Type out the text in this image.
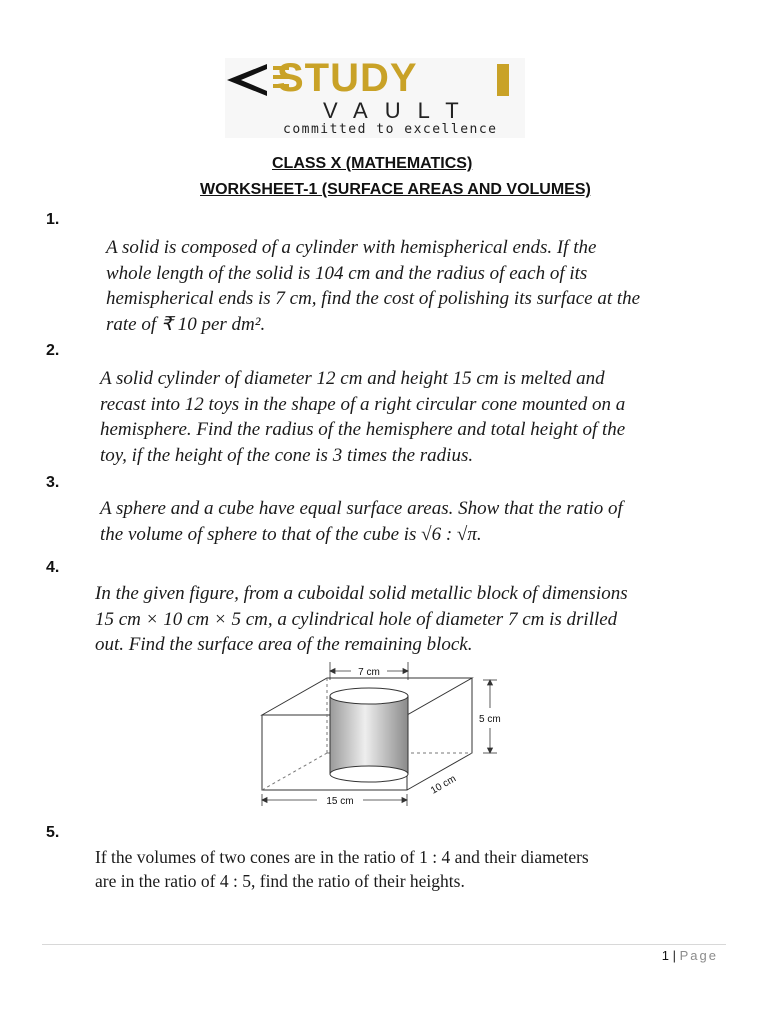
STUDY
VAULT
committed to excellence
CLASS X (MATHEMATICS)
WORKSHEET-1 (SURFACE AREAS AND VOLUMES)
1.
A solid is composed of a cylinder with hemispherical ends. If the
whole length of the solid is 104 cm and the radius of each of its
hemispherical ends is 7 cm, find the cost of polishing its surface at the
rate of ₹ 10 per dm².
2.
A solid cylinder of diameter 12 cm and height 15 cm is melted and
recast into 12 toys in the shape of a right circular cone mounted on a
hemisphere. Find the radius of the hemisphere and total height of the
toy, if the height of the cone is 3 times the radius.
3.
A sphere and a cube have equal surface areas. Show that the ratio of
the volume of sphere to that of the cube is √6 : √π.
4.
In the given figure, from a cuboidal solid metallic block of dimensions
15 cm × 10 cm × 5 cm, a cylindrical hole of diameter 7 cm is drilled
out. Find the surface area of the remaining block.
7 cm
5 cm
15 cm
10 cm
5.
If the volumes of two cones are in the ratio of 1 : 4 and their diameters
are in the ratio of 4 : 5, find the ratio of their heights.
1 | Page
